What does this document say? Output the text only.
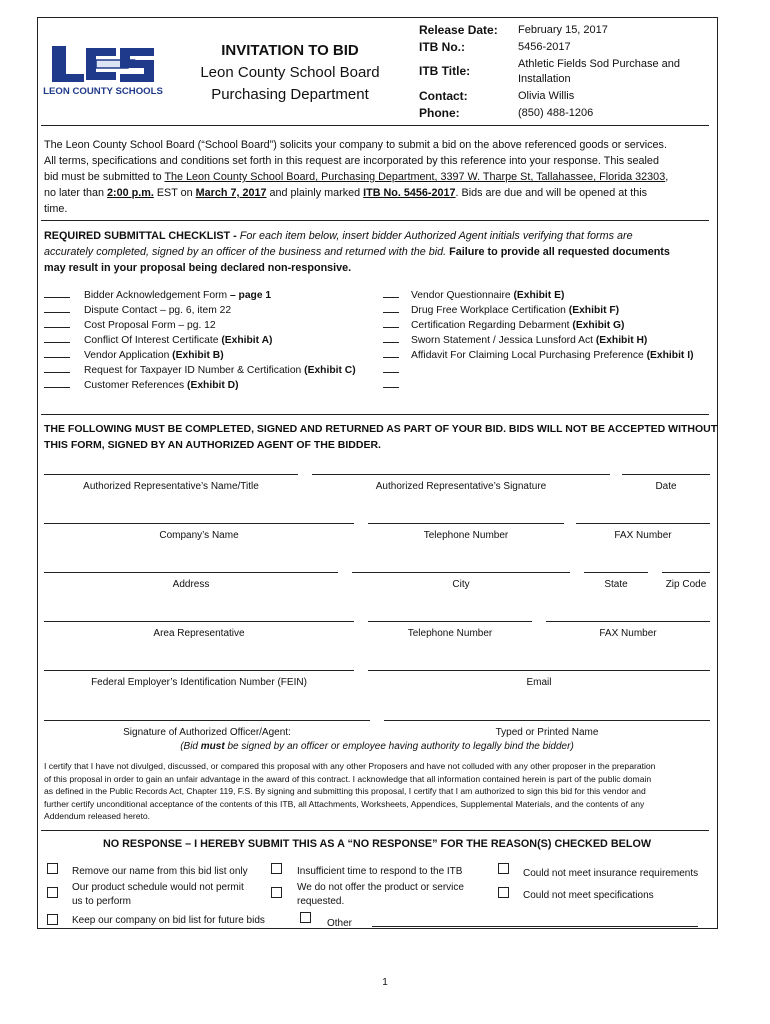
LEON COUNTY SCHOOLS
INVITATION TO BID
Leon County School Board
Purchasing Department
Release Date: February 15, 2017
ITB No.:	5456-2017
ITB Title:	Athletic Fields Sod Purchase and
Installation
Contact:	Olivia Willis
Phone:	(850) 488-1206
The Leon County School Board (“School Board”) solicits your company to submit a bid on the above referenced goods or services.
All terms, specifications and conditions set forth in this request are incorporated by this reference into your response. This sealed
bid must be submitted to The Leon County School Board, Purchasing Department, 3397 W. Tharpe St, Tallahassee, Florida 32303,
no later than 2:00 p.m. EST on March 7, 2017 and plainly marked ITB No. 5456-2017. Bids are due and will be opened at this
time.
REQUIRED SUBMITTAL CHECKLIST - For each item below, insert bidder Authorized Agent initials verifying that forms are
accurately completed, signed by an officer of the business and returned with the bid. Failure to provide all requested documents
may result in your proposal being declared non-responsive.
Bidder Acknowledgement Form – page 1
Dispute Contact – pg. 6, item 22
Cost Proposal Form – pg. 12
Conflict Of Interest Certificate (Exhibit A)
Vendor Application (Exhibit B)
Request for Taxpayer ID Number & Certification (Exhibit C)
Customer References (Exhibit D)
Vendor Questionnaire (Exhibit E)
Drug Free Workplace Certification (Exhibit F)
Certification Regarding Debarment (Exhibit G)
Sworn Statement / Jessica Lunsford Act (Exhibit H)
Affidavit For Claiming Local Purchasing Preference (Exhibit I)
THE FOLLOWING MUST BE COMPLETED, SIGNED AND RETURNED AS PART OF YOUR BID. BIDS WILL NOT BE ACCEPTED WITHOUT
THIS FORM, SIGNED BY AN AUTHORIZED AGENT OF THE BIDDER.
Authorized Representative’s Name/Title	Authorized Representative’s Signature	Date
Company’s Name	Telephone Number	FAX Number
Address	City	State	Zip Code
Area Representative	Telephone Number	FAX Number
Federal Employer’s Identification Number (FEIN)	Email
Signature of Authorized Officer/Agent:	Typed or Printed Name
(Bid must be signed by an officer or employee having authority to legally bind the bidder)
I certify that I have not divulged, discussed, or compared this proposal with any other Proposers and have not colluded with any other proposer in the preparation
of this proposal in order to gain an unfair advantage in the award of this contract. I acknowledge that all information contained herein is part of the public domain
as defined in the Public Records Act, Chapter 119, F.S. By signing and submitting this proposal, I certify that I am authorized to sign this bid for this vendor and
further certify unconditional acceptance of the contents of this ITB, all Attachments, Worksheets, Appendices, Supplemental Materials, and the contents of any
Addendum released hereto.
NO RESPONSE – I HEREBY SUBMIT THIS AS A “NO RESPONSE” FOR THE REASON(S) CHECKED BELOW
Remove our name from this bid list only
Our product schedule would not permit
us to perform
Keep our company on bid list for future bids
Insufficient time to respond to the ITB
We do not offer the product or service
requested.
Other
Could not meet insurance requirements
Could not meet specifications
1
